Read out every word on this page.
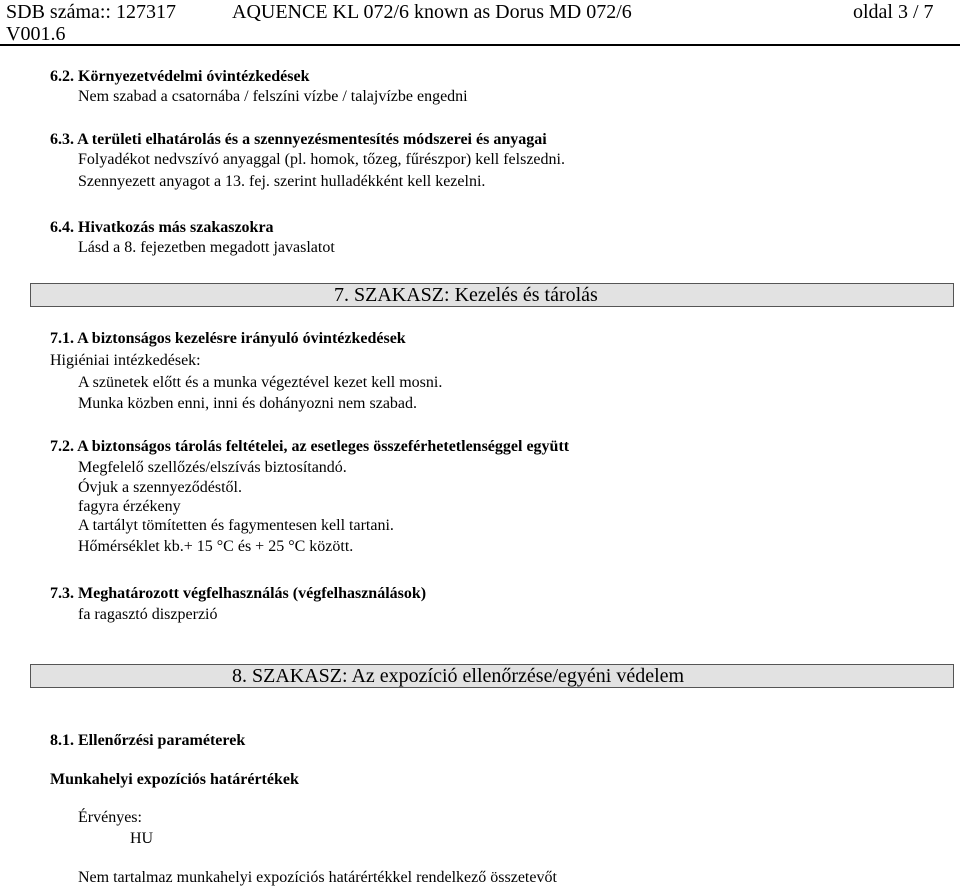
SDB száma:: 127317	AQUENCE KL 072/6 known as Dorus MD 072/6	oldal 3 / 7
V001.6
6.2. Környezetvédelmi óvintézkedések
Nem szabad a csatornába / felszíni vízbe / talajvízbe engedni
6.3. A területi elhatárolás és a szennyezésmentesítés módszerei és anyagai
Folyadékot nedvszívó anyaggal (pl. homok, tőzeg, fűrészpor) kell felszedni.
Szennyezett anyagot a 13. fej. szerint hulladékként kell kezelni.
6.4. Hivatkozás más szakaszokra
Lásd a 8. fejezetben megadott javaslatot
7. SZAKASZ: Kezelés és tárolás
7.1. A biztonságos kezelésre irányuló óvintézkedések
Higiéniai intézkedések:
A szünetek előtt és a munka végeztével kezet kell mosni.
Munka közben enni, inni és dohányozni nem szabad.
7.2. A biztonságos tárolás feltételei, az esetleges összeférhetetlenséggel együtt
Megfelelő szellőzés/elszívás biztosítandó.
Óvjuk a szennyeződéstől.
fagyra érzékeny
A tartályt tömítetten és fagymentesen kell tartani.
Hőmérséklet kb.+ 15 °C és + 25 °C között.
7.3. Meghatározott végfelhasználás (végfelhasználások)
fa ragasztó diszperzió
8. SZAKASZ: Az expozíció ellenőrzése/egyéni védelem
8.1. Ellenőrzési paraméterek
Munkahelyi expozíciós határértékek
Érvényes:
HU
Nem tartalmaz munkahelyi expozíciós határértékkel rendelkező összetevőt
